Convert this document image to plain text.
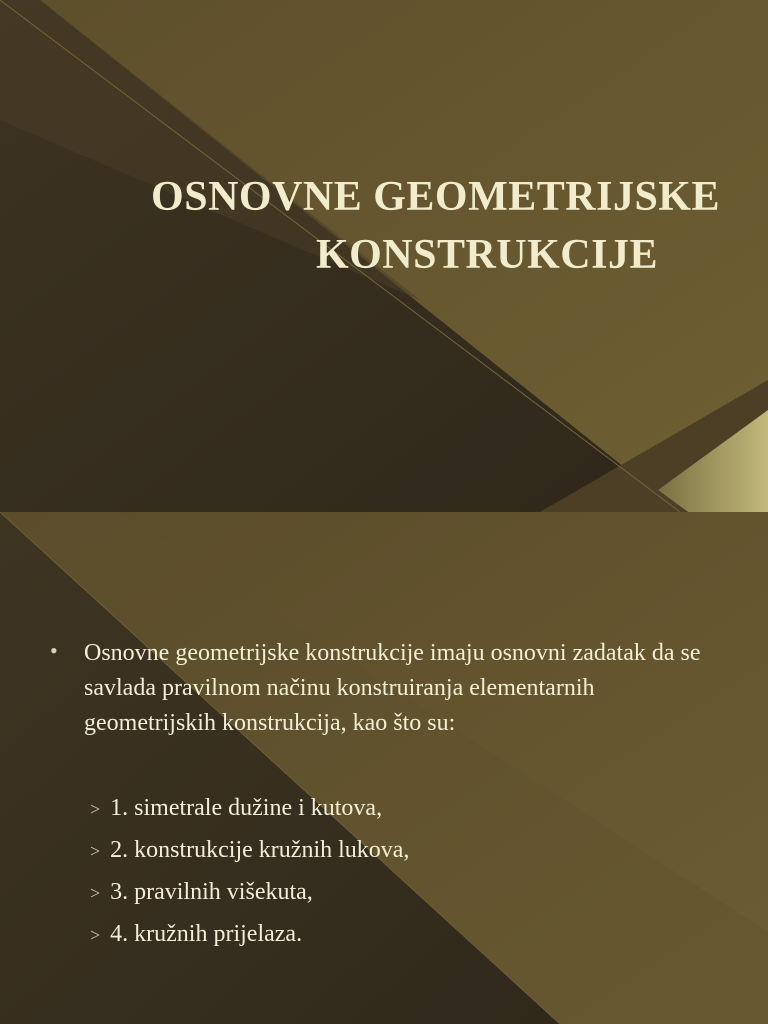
OSNOVNE GEOMETRIJSKE
KONSTRUKCIJE
• Osnovne geometrijske konstrukcije imaju osnovni zadatak da se savlada pravilnom načinu konstruiranja elementarnih geometrijskih konstrukcija, kao što su:
> 1. simetrale dužine i kutova,
> 2. konstrukcije kružnih lukova,
> 3. pravilnih višekuta,
> 4. kružnih prijelaza.
